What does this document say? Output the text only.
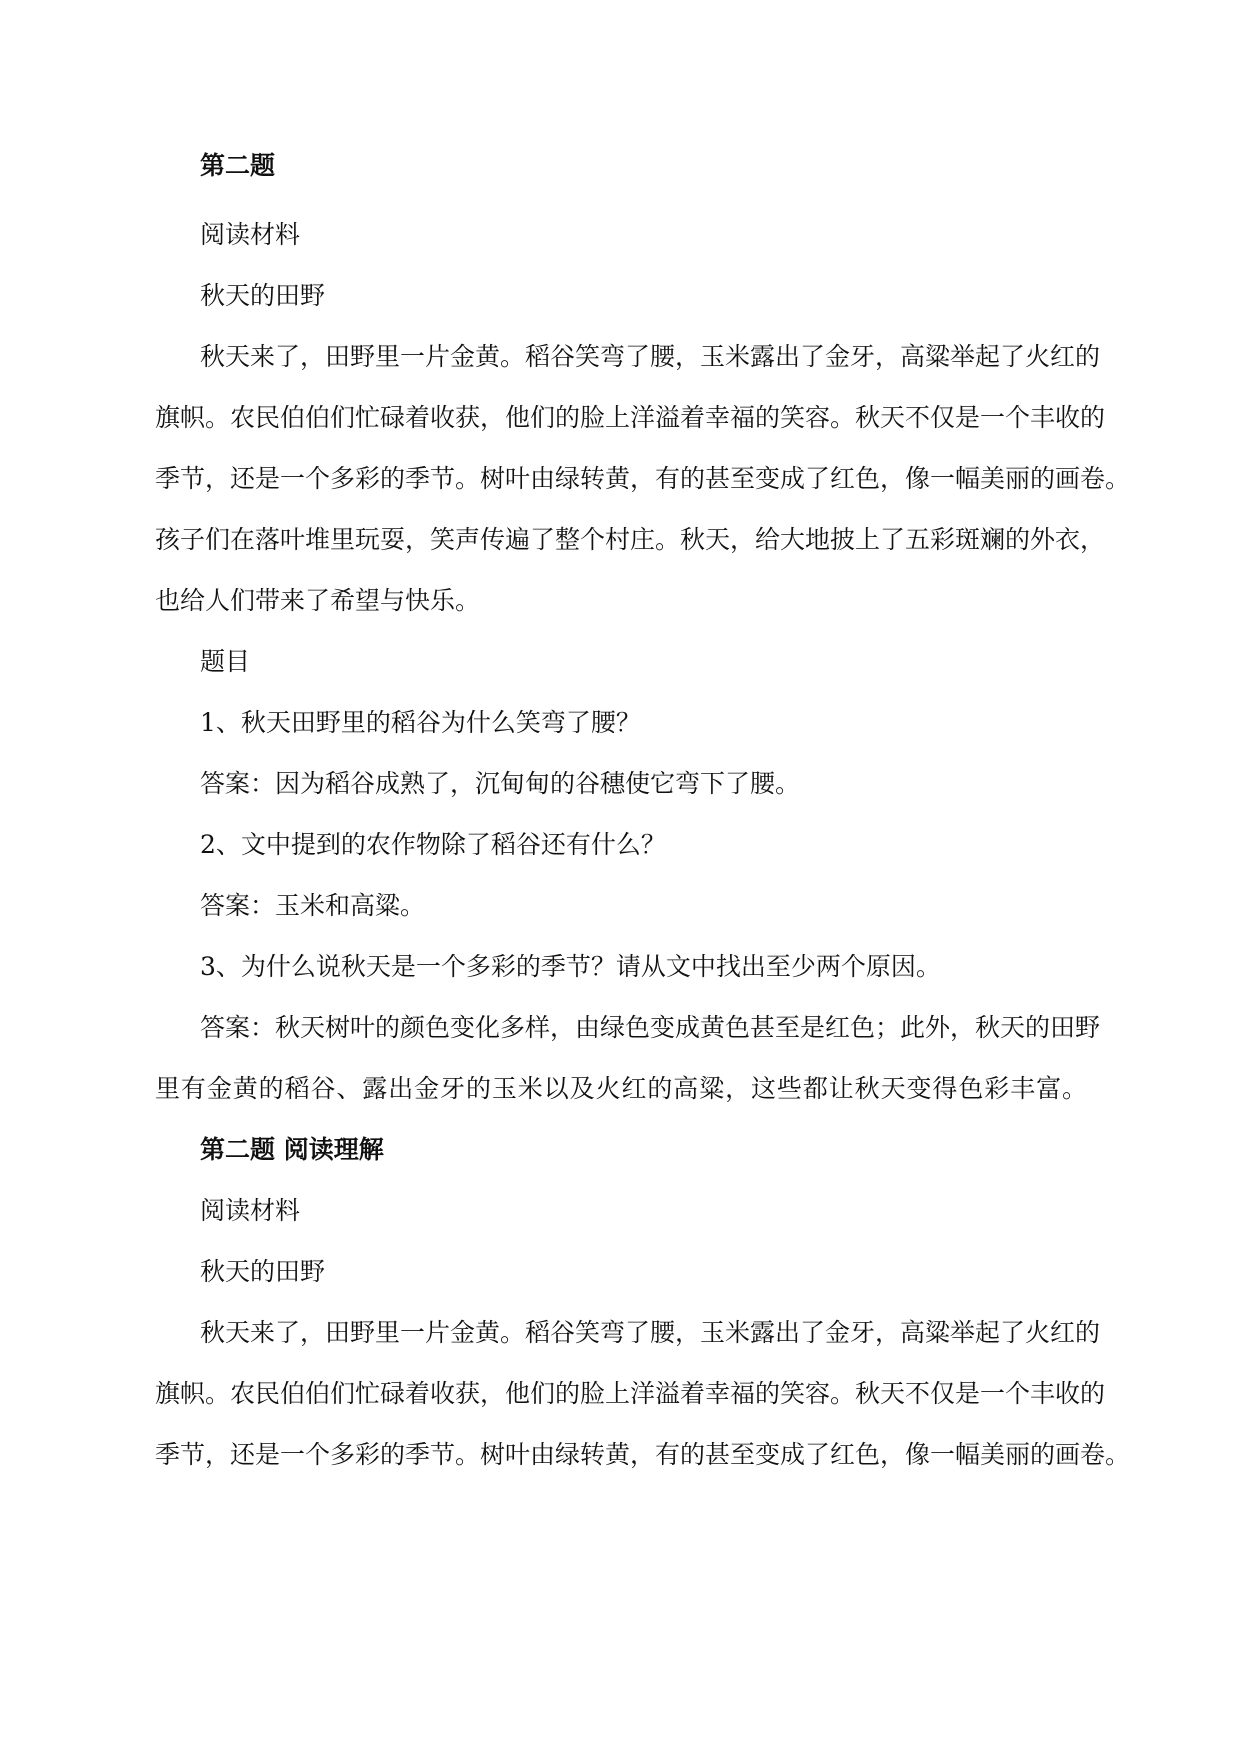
第二题

阅读材料

秋天的田野

秋天来了，田野里一片金黄。稻谷笑弯了腰，玉米露出了金牙，高粱举起了火红的

旗帜。农民伯伯们忙碌着收获，他们的脸上洋溢着幸福的笑容。秋天不仅是一个丰收的

季节，还是一个多彩的季节。树叶由绿转黄，有的甚至变成了红色，像一幅美丽的画卷。

孩子们在落叶堆里玩耍，笑声传遍了整个村庄。秋天，给大地披上了五彩斑斓的外衣，

也给人们带来了希望与快乐。

题目

1、秋天田野里的稻谷为什么笑弯了腰？

答案：因为稻谷成熟了，沉甸甸的谷穗使它弯下了腰。

2、文中提到的农作物除了稻谷还有什么？

答案：玉米和高粱。

3、为什么说秋天是一个多彩的季节？请从文中找出至少两个原因。

答案：秋天树叶的颜色变化多样，由绿色变成黄色甚至是红色；此外，秋天的田野

里有金黄的稻谷、露出金牙的玉米以及火红的高粱，这些都让秋天变得色彩丰富。

第二题 阅读理解

阅读材料

秋天的田野

秋天来了，田野里一片金黄。稻谷笑弯了腰，玉米露出了金牙，高粱举起了火红的

旗帜。农民伯伯们忙碌着收获，他们的脸上洋溢着幸福的笑容。秋天不仅是一个丰收的

季节，还是一个多彩的季节。树叶由绿转黄，有的甚至变成了红色，像一幅美丽的画卷。
